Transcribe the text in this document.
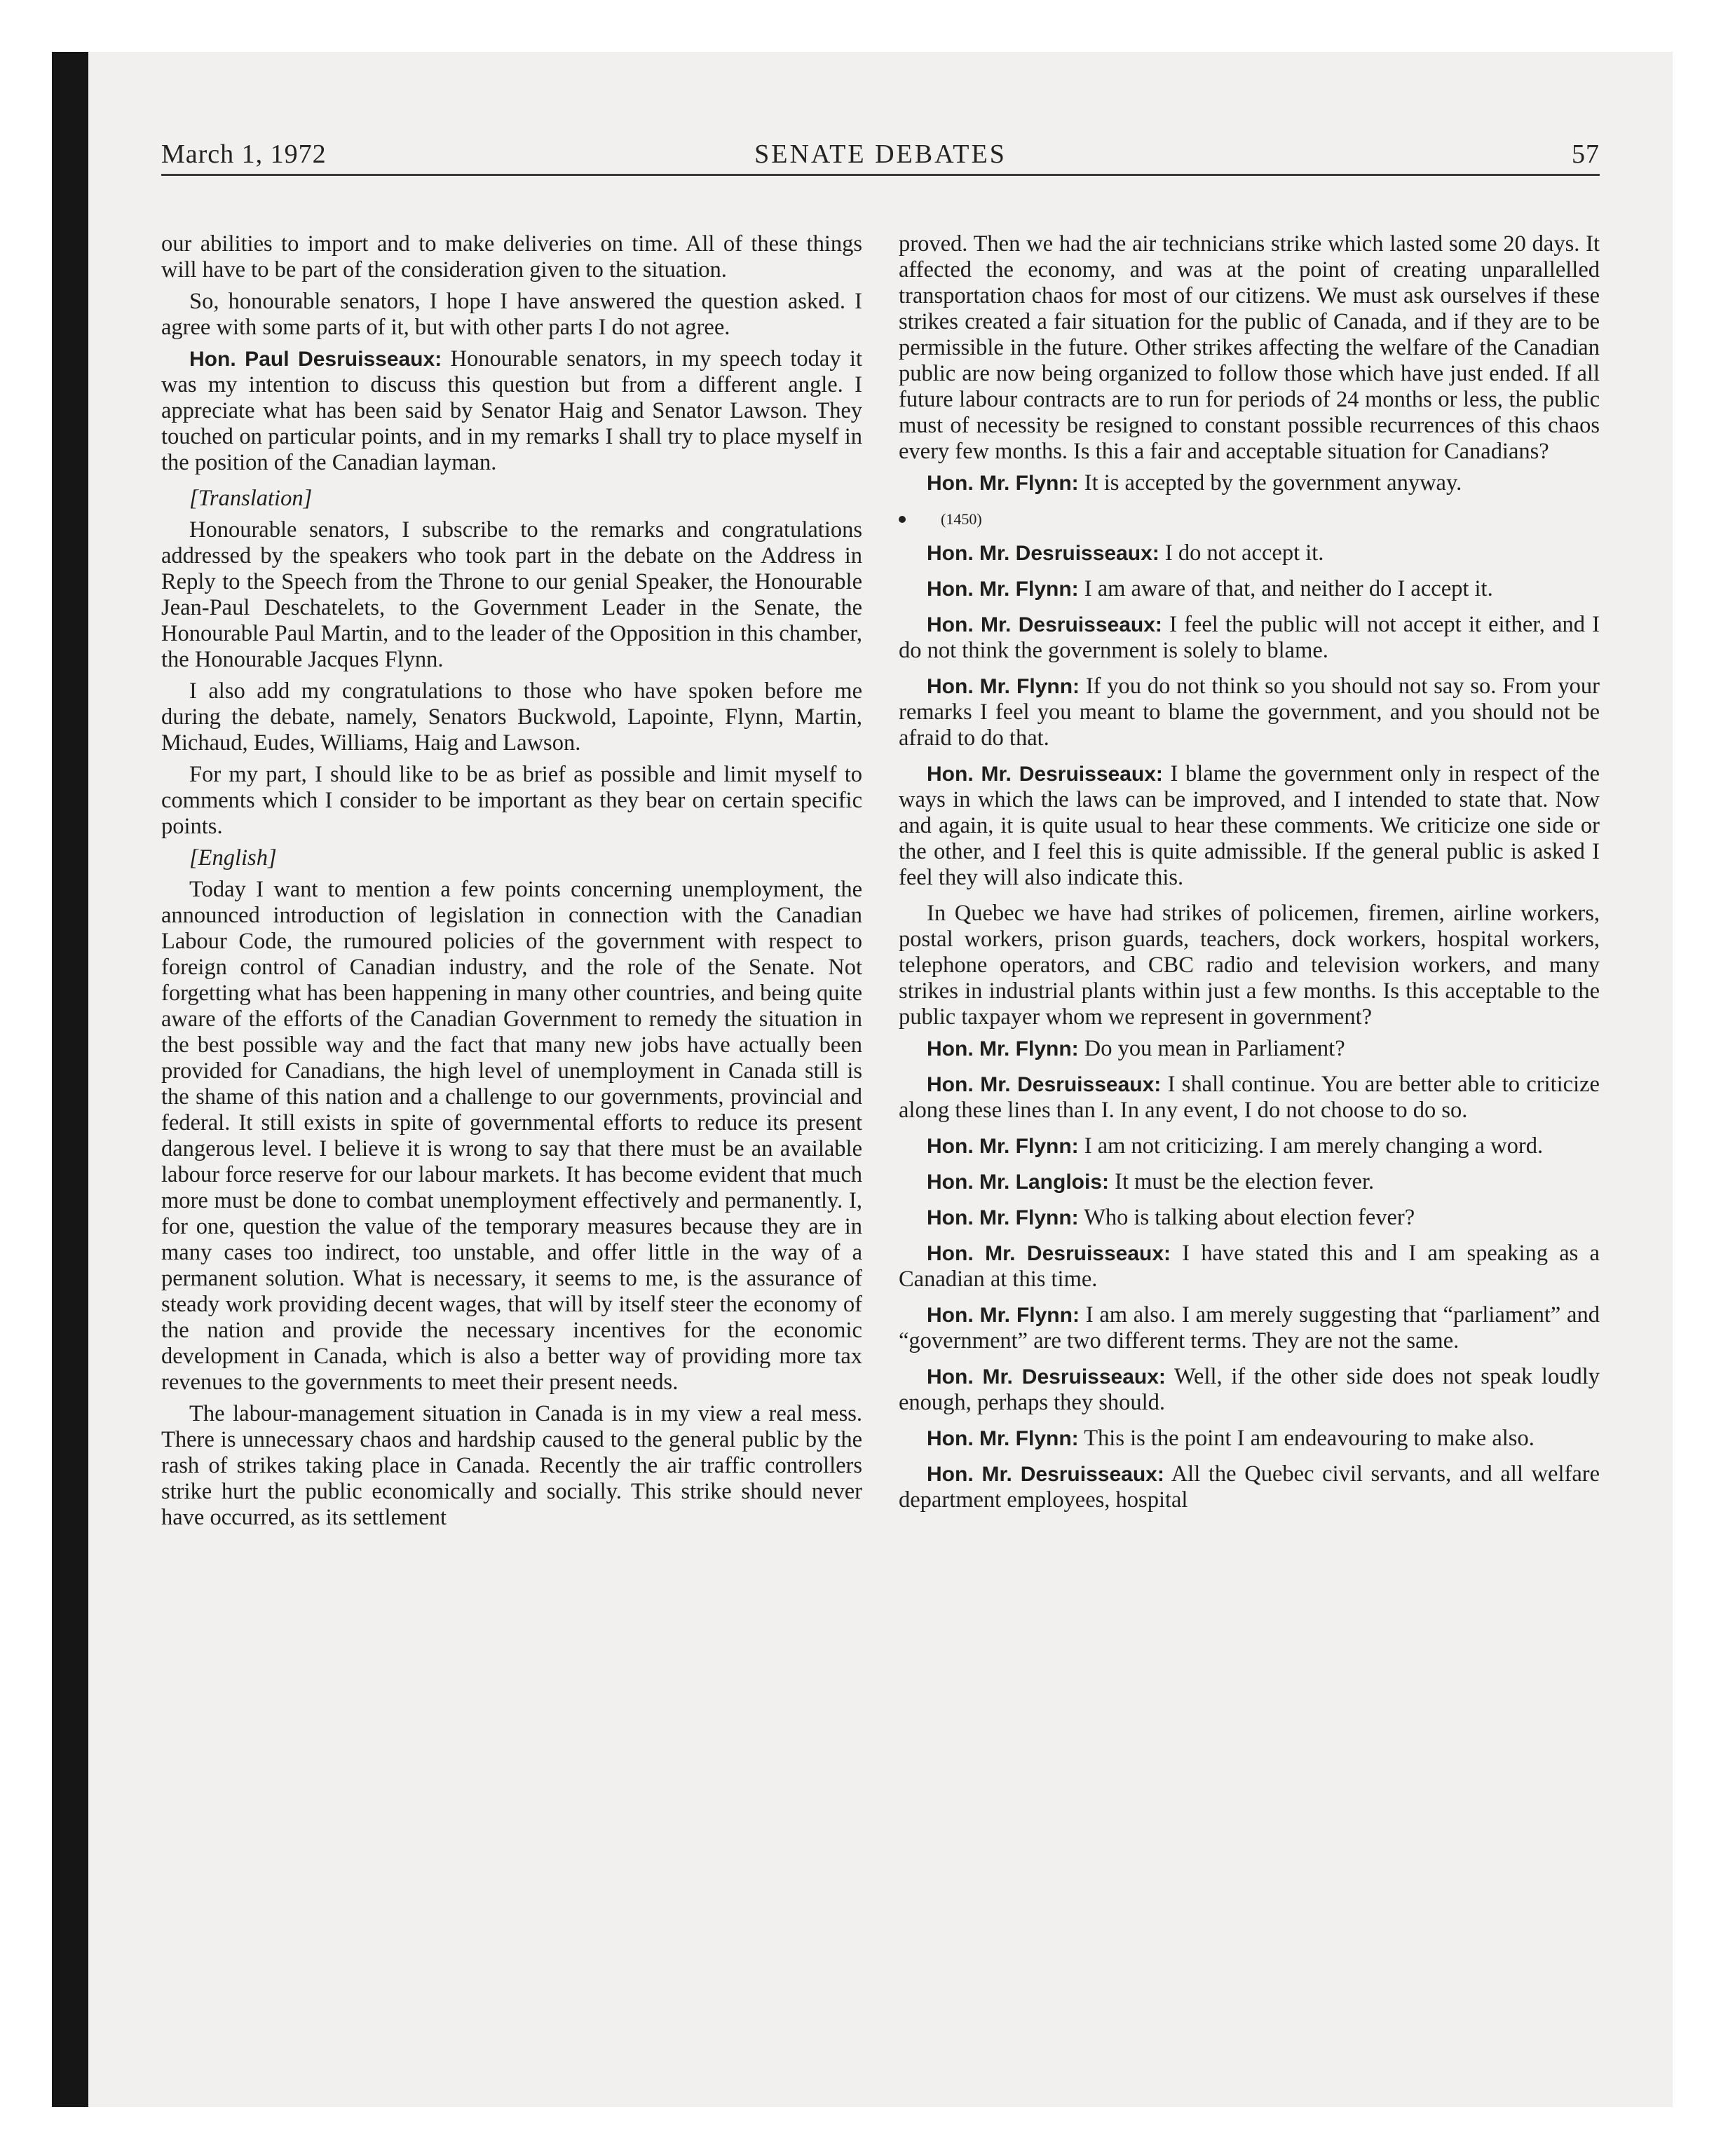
March 1, 1972	SENATE DEBATES	57

our abilities to import and to make deliveries on time. All of these things will have to be part of the consideration given to the situation.

So, honourable senators, I hope I have answered the question asked. I agree with some parts of it, but with other parts I do not agree.

Hon. Paul Desruisseaux: Honourable senators, in my speech today it was my intention to discuss this question but from a different angle. I appreciate what has been said by Senator Haig and Senator Lawson. They touched on particular points, and in my remarks I shall try to place myself in the position of the Canadian layman.

[Translation]

Honourable senators, I subscribe to the remarks and congratulations addressed by the speakers who took part in the debate on the Address in Reply to the Speech from the Throne to our genial Speaker, the Honourable Jean-Paul Deschatelets, to the Government Leader in the Senate, the Honourable Paul Martin, and to the leader of the Opposition in this chamber, the Honourable Jacques Flynn.

I also add my congratulations to those who have spoken before me during the debate, namely, Senators Buckwold, Lapointe, Flynn, Martin, Michaud, Eudes, Williams, Haig and Lawson.

For my part, I should like to be as brief as possible and limit myself to comments which I consider to be important as they bear on certain specific points.

[English]

Today I want to mention a few points concerning unemployment, the announced introduction of legislation in connection with the Canadian Labour Code, the rumoured policies of the government with respect to foreign control of Canadian industry, and the role of the Senate. Not forgetting what has been happening in many other countries, and being quite aware of the efforts of the Canadian Government to remedy the situation in the best possible way and the fact that many new jobs have actually been provided for Canadians, the high level of unemployment in Canada still is the shame of this nation and a challenge to our governments, provincial and federal. It still exists in spite of governmental efforts to reduce its present dangerous level. I believe it is wrong to say that there must be an available labour force reserve for our labour markets. It has become evident that much more must be done to combat unemployment effectively and permanently. I, for one, question the value of the temporary measures because they are in many cases too indirect, too unstable, and offer little in the way of a permanent solution. What is necessary, it seems to me, is the assurance of steady work providing decent wages, that will by itself steer the economy of the nation and provide the necessary incentives for the economic development in Canada, which is also a better way of providing more tax revenues to the governments to meet their present needs.

The labour-management situation in Canada is in my view a real mess. There is unnecessary chaos and hardship caused to the general public by the rash of strikes taking place in Canada. Recently the air traffic controllers strike hurt the public economically and socially. This strike should never have occurred, as its settlement

proved. Then we had the air technicians strike which lasted some 20 days. It affected the economy, and was at the point of creating unparallelled transportation chaos for most of our citizens. We must ask ourselves if these strikes created a fair situation for the public of Canada, and if they are to be permissible in the future. Other strikes affecting the welfare of the Canadian public are now being organized to follow those which have just ended. If all future labour contracts are to run for periods of 24 months or less, the public must of necessity be resigned to constant possible recurrences of this chaos every few months. Is this a fair and acceptable situation for Canadians?

Hon. Mr. Flynn: It is accepted by the government anyway.

(1450)

Hon. Mr. Desruisseaux: I do not accept it.

Hon. Mr. Flynn: I am aware of that, and neither do I accept it.

Hon. Mr. Desruisseaux: I feel the public will not accept it either, and I do not think the government is solely to blame.

Hon. Mr. Flynn: If you do not think so you should not say so. From your remarks I feel you meant to blame the government, and you should not be afraid to do that.

Hon. Mr. Desruisseaux: I blame the government only in respect of the ways in which the laws can be improved, and I intended to state that. Now and again, it is quite usual to hear these comments. We criticize one side or the other, and I feel this is quite admissible. If the general public is asked I feel they will also indicate this.

In Quebec we have had strikes of policemen, firemen, airline workers, postal workers, prison guards, teachers, dock workers, hospital workers, telephone operators, and CBC radio and television workers, and many strikes in industrial plants within just a few months. Is this acceptable to the public taxpayer whom we represent in government?

Hon. Mr. Flynn: Do you mean in Parliament?

Hon. Mr. Desruisseaux: I shall continue. You are better able to criticize along these lines than I. In any event, I do not choose to do so.

Hon. Mr. Flynn: I am not criticizing. I am merely changing a word.

Hon. Mr. Langlois: It must be the election fever.

Hon. Mr. Flynn: Who is talking about election fever?

Hon. Mr. Desruisseaux: I have stated this and I am speaking as a Canadian at this time.

Hon. Mr. Flynn: I am also. I am merely suggesting that “parliament” and “government” are two different terms. They are not the same.

Hon. Mr. Desruisseaux: Well, if the other side does not speak loudly enough, perhaps they should.

Hon. Mr. Flynn: This is the point I am endeavouring to make also.

Hon. Mr. Desruisseaux: All the Quebec civil servants, and all welfare department employees, hospital
